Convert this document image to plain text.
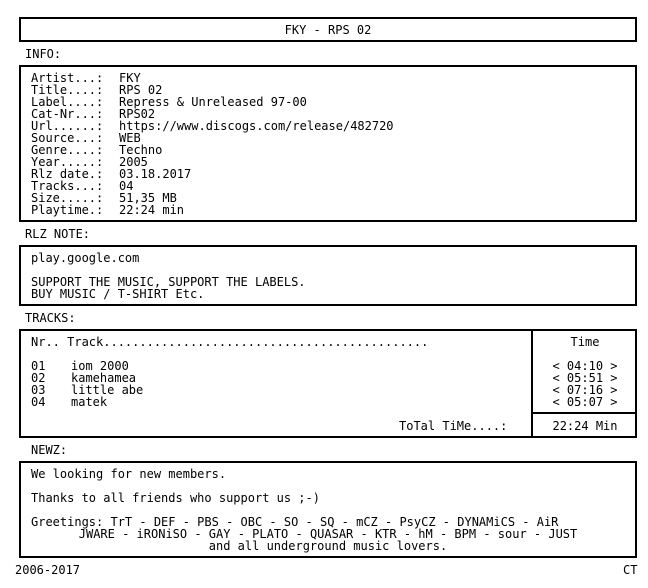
FKY - RPS 02
INFO:
Artist...: FKY
Title....: RPS 02
Label....: Repress & Unreleased 97-00
Cat-Nr...: RPS02
Url......: https://www.discogs.com/release/482720
Source...: WEB
Genre....: Techno
Year.....: 2005
Rlz date.: 03.18.2017
Tracks...: 04
Size.....: 51,35 MB
Playtime.: 22:24 min
RLZ NOTE:
play.google.com
SUPPORT THE MUSIC, SUPPORT THE LABELS.
BUY MUSIC / T-SHIRT Etc.
TRACKS:
Nr.. Track.............................................	Time
01 iom 2000	< 04:10 >
02 kamehamea	< 05:51 >
03 little abe	< 07:16 >
04 matek	< 05:07 >
ToTal TiMe....:	22:24 Min
NEWZ:
We looking for new members.
Thanks to all friends who support us ;-)
Greetings: TrT - DEF - PBS - OBC - SO - SQ - mCZ - PsyCZ - DYNAMiCS - AiR
JWARE - iRONiSO - GAY - PLATO - QUASAR - KTR - hM - BPM - sour - JUST
and all underground music lovers.
2006-2017	CT
